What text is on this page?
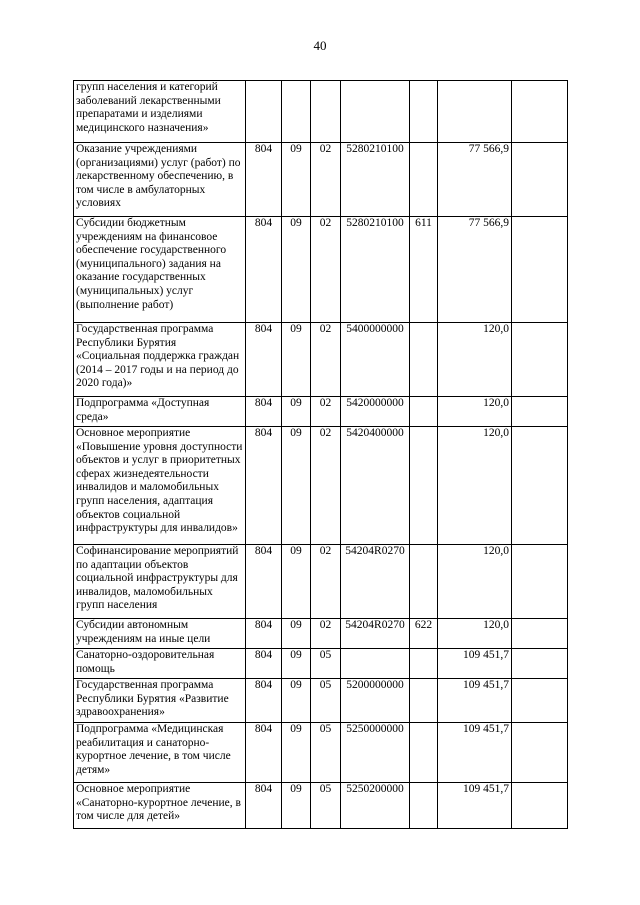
40
групп населения и категорий заболеваний лекарственными препаратами и изделиями медицинского назначения»							
Оказание учреждениями (организациями) услуг (работ) по лекарственному обеспечению, в том числе в амбулаторных условиях	804	09	02	5280210100		77 566,9	
Субсидии бюджетным учреждениям на финансовое обеспечение государственного (муниципального) задания на оказание государственных (муниципальных) услуг (выполнение работ)	804	09	02	5280210100	611	77 566,9	
Государственная программа Республики Бурятия «Социальная поддержка граждан (2014 – 2017 годы и на период до 2020 года)»	804	09	02	5400000000		120,0	
Подпрограмма «Доступная среда»	804	09	02	5420000000		120,0	
Основное мероприятие «Повышение уровня доступности объектов и услуг в приоритетных сферах жизнедеятельности инвалидов и маломобильных групп населения, адаптация объектов социальной инфраструктуры для инвалидов»	804	09	02	5420400000		120,0	
Софинансирование мероприятий по адаптации объектов социальной инфраструктуры для инвалидов, маломобильных групп населения	804	09	02	54204R0270		120,0	
Субсидии автономным учреждениям на иные цели	804	09	02	54204R0270	622	120,0	
Санаторно-оздоровительная помощь	804	09	05			109 451,7	
Государственная программа Республики Бурятия «Развитие здравоохранения»	804	09	05	5200000000		109 451,7	
Подпрограмма «Медицинская реабилитация и санаторно-курортное лечение, в том числе детям»	804	09	05	5250000000		109 451,7	
Основное мероприятие «Санаторно-курортное лечение, в том числе для детей»	804	09	05	5250200000		109 451,7	
